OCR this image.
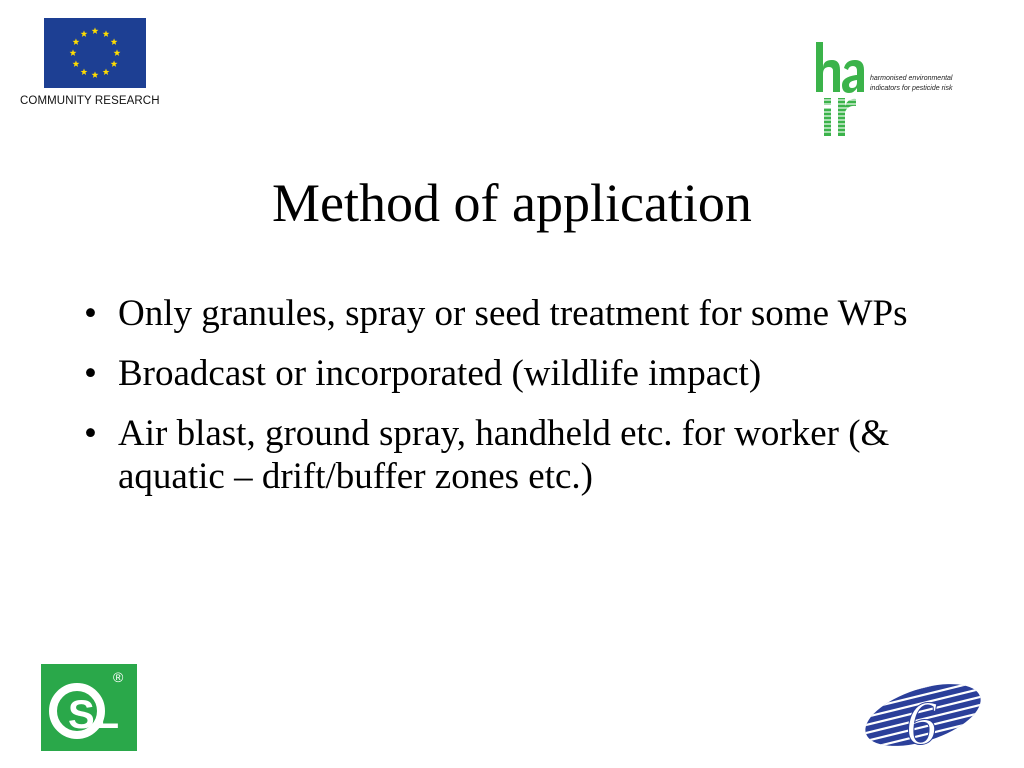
COMMUNITY RESEARCH
harmonised environmental
indicators for pesticide risk
Method of application
• Only granules, spray or seed treatment for some WPs
• Broadcast or incorporated (wildlife impact)
• Air blast, ground spray, handheld etc. for worker (& aquatic – drift/buffer zones etc.)
SL
®
6
